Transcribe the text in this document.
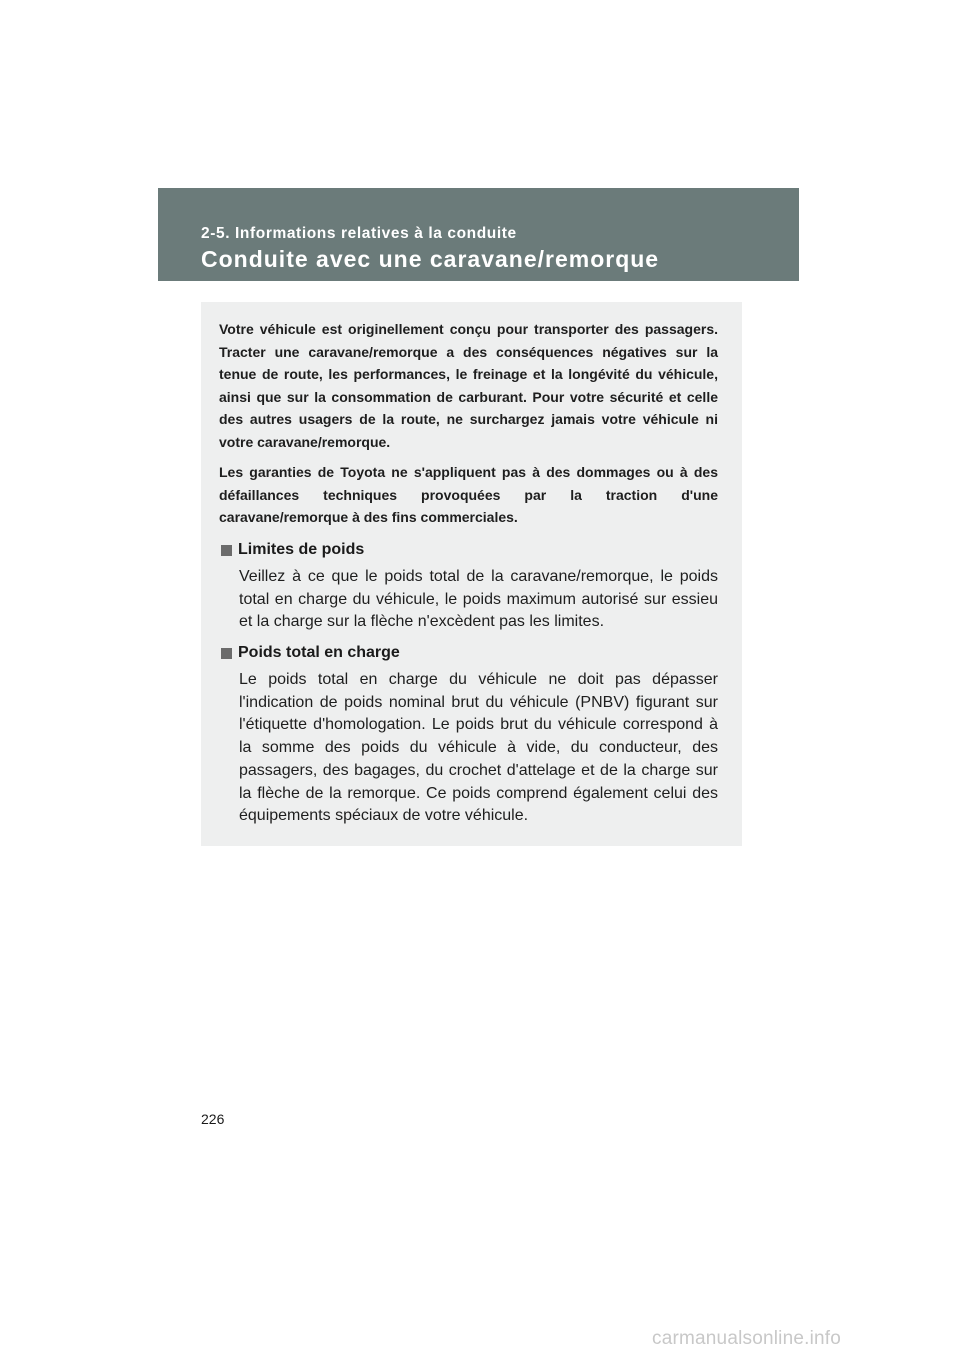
2-5. Informations relatives à la conduite
Conduite avec une caravane/remorque

Votre véhicule est originellement conçu pour transporter des passagers. Tracter une caravane/remorque a des conséquences négatives sur la tenue de route, les performances, le freinage et la longévité du véhicule, ainsi que sur la consommation de carburant. Pour votre sécurité et celle des autres usagers de la route, ne surchargez jamais votre véhicule ni votre caravane/remorque.

Les garanties de Toyota ne s'appliquent pas à des dommages ou à des défaillances techniques provoquées par la traction d'une caravane/remorque à des fins commerciales.

Limites de poids

Veillez à ce que le poids total de la caravane/remorque, le poids total en charge du véhicule, le poids maximum autorisé sur essieu et la charge sur la flèche n'excèdent pas les limites.

Poids total en charge

Le poids total en charge du véhicule ne doit pas dépasser l'indication de poids nominal brut du véhicule (PNBV) figurant sur l'étiquette d'homologation. Le poids brut du véhicule correspond à la somme des poids du véhicule à vide, du conducteur, des passagers, des bagages, du crochet d'attelage et de la charge sur la flèche de la remorque. Ce poids comprend également celui des équipements spéciaux de votre véhicule.

226
carmanualsonline.info
